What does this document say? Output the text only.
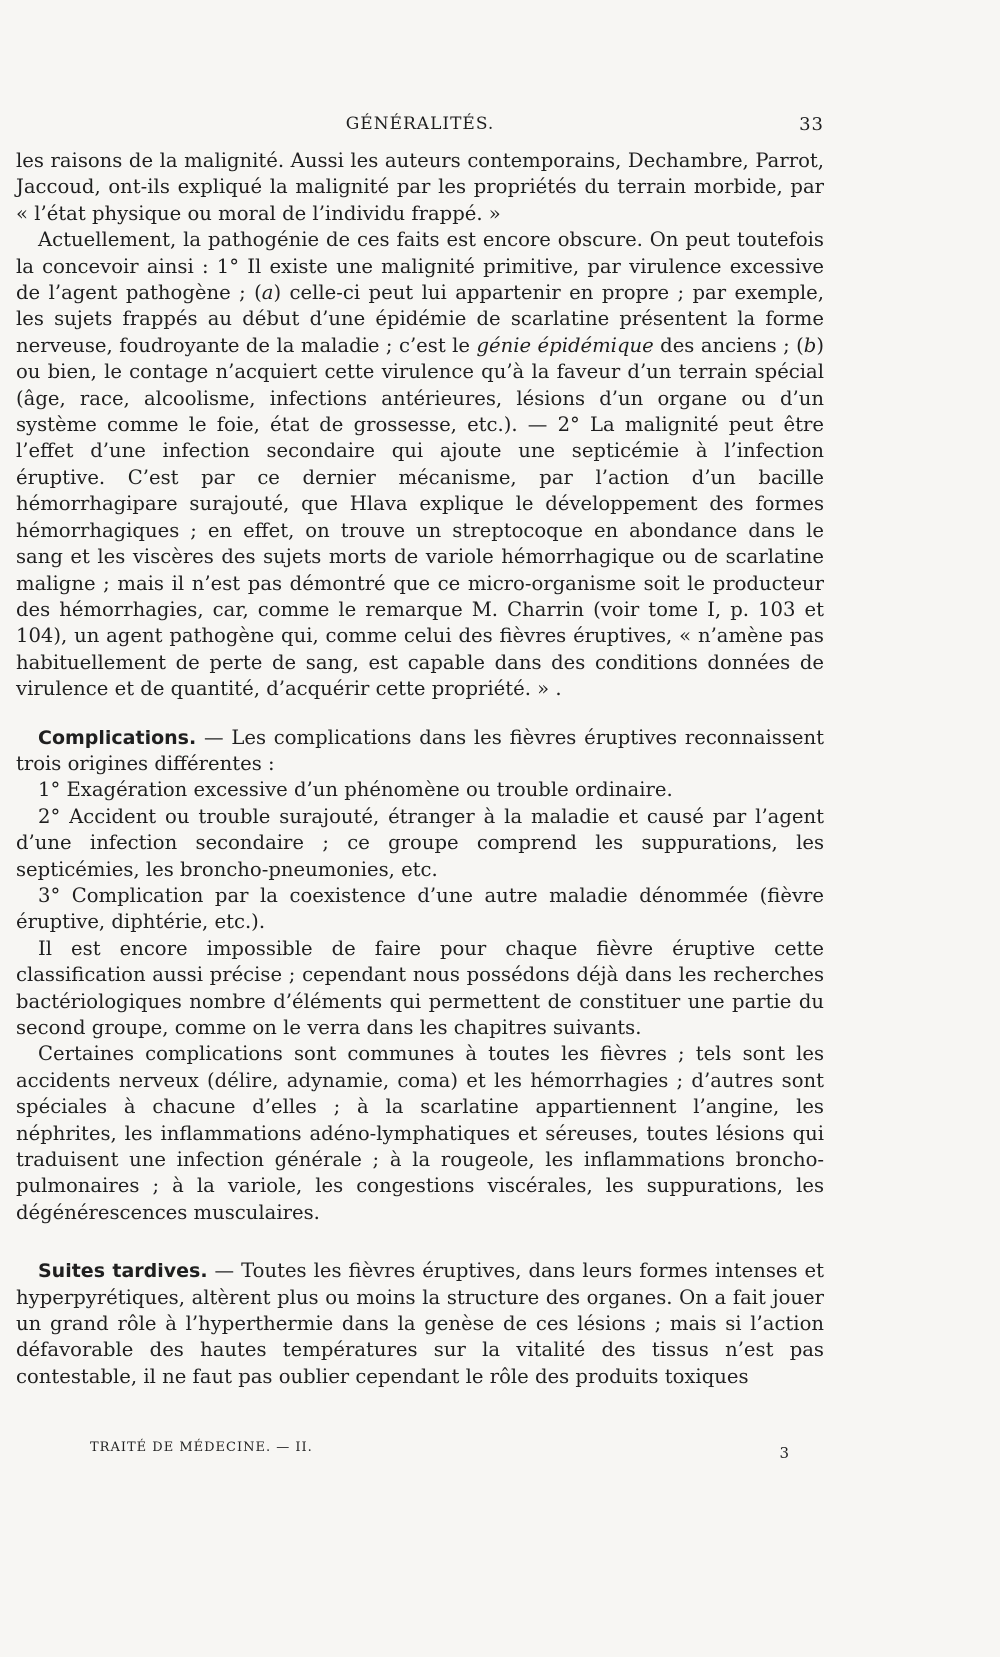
GÉNÉRALITÉS.	33

les raisons de la malignité. Aussi les auteurs contemporains, Dechambre, Parrot, Jaccoud, ont-ils expliqué la malignité par les propriétés du terrain morbide, par « l’état physique ou moral de l’individu frappé. »

Actuellement, la pathogénie de ces faits est encore obscure. On peut toutefois la concevoir ainsi : 1° Il existe une malignité primitive, par virulence excessive de l’agent pathogène ; (a) celle-ci peut lui appartenir en propre ; par exemple, les sujets frappés au début d’une épidémie de scarlatine présentent la forme nerveuse, foudroyante de la maladie ; c’est le génie épidémique des anciens ; (b) ou bien, le contage n’acquiert cette virulence qu’à la faveur d’un terrain spécial (âge, race, alcoolisme, infections antérieures, lésions d’un organe ou d’un système comme le foie, état de grossesse, etc.). — 2° La malignité peut être l’effet d’une infection secondaire qui ajoute une septicémie à l’infection éruptive. C’est par ce dernier mécanisme, par l’action d’un bacille hémorrhagipare surajouté, que Hlava explique le développement des formes hémorrhagiques ; en effet, on trouve un streptocoque en abondance dans le sang et les viscères des sujets morts de variole hémorrhagique ou de scarlatine maligne ; mais il n’est pas démontré que ce micro-organisme soit le producteur des hémorrhagies, car, comme le remarque M. Charrin (voir tome I, p. 103 et 104), un agent pathogène qui, comme celui des fièvres éruptives, « n’amène pas habituellement de perte de sang, est capable dans des conditions données de virulence et de quantité, d’acquérir cette propriété. » .

Complications. — Les complications dans les fièvres éruptives reconnaissent trois origines différentes :

1° Exagération excessive d’un phénomène ou trouble ordinaire.

2° Accident ou trouble surajouté, étranger à la maladie et causé par l’agent d’une infection secondaire ; ce groupe comprend les suppurations, les septicémies, les broncho-pneumonies, etc.

3° Complication par la coexistence d’une autre maladie dénommée (fièvre éruptive, diphtérie, etc.).

Il est encore impossible de faire pour chaque fièvre éruptive cette classification aussi précise ; cependant nous possédons déjà dans les recherches bactériologiques nombre d’éléments qui permettent de constituer une partie du second groupe, comme on le verra dans les chapitres suivants.

Certaines complications sont communes à toutes les fièvres ; tels sont les accidents nerveux (délire, adynamie, coma) et les hémorrhagies ; d’autres sont spéciales à chacune d’elles ; à la scarlatine appartiennent l’angine, les néphrites, les inflammations adéno-lymphatiques et séreuses, toutes lésions qui traduisent une infection générale ; à la rougeole, les inflammations broncho-pulmonaires ; à la variole, les congestions viscérales, les suppurations, les dégénérescences musculaires.

Suites tardives. — Toutes les fièvres éruptives, dans leurs formes intenses et hyperpyrétiques, altèrent plus ou moins la structure des organes. On a fait jouer un grand rôle à l’hyperthermie dans la genèse de ces lésions ; mais si l’action défavorable des hautes températures sur la vitalité des tissus n’est pas contestable, il ne faut pas oublier cependant le rôle des produits toxiques

TRAITÉ DE MÉDECINE. — II.	3
